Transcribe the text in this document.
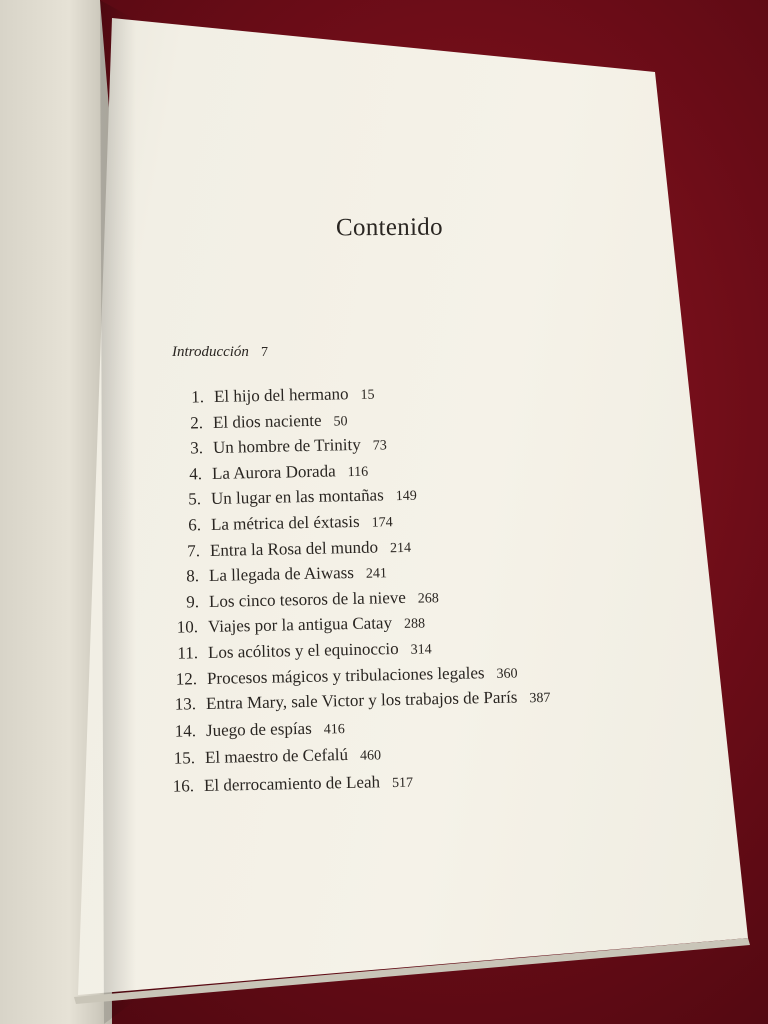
Contenido
Introducción 7
1. El hijo del hermano 15
2. El dios naciente 50
3. Un hombre de Trinity 73
4. La Aurora Dorada 116
5. Un lugar en las montañas 149
6. La métrica del éxtasis 174
7. Entra la Rosa del mundo 214
8. La llegada de Aiwass 241
9. Los cinco tesoros de la nieve 268
10. Viajes por la antigua Catay 288
11. Los acólitos y el equinoccio 314
12. Procesos mágicos y tribulaciones legales 360
13. Entra Mary, sale Victor y los trabajos de París 387
14. Juego de espías 416
15. El maestro de Cefalú 460
16. El derrocamiento de Leah 517
